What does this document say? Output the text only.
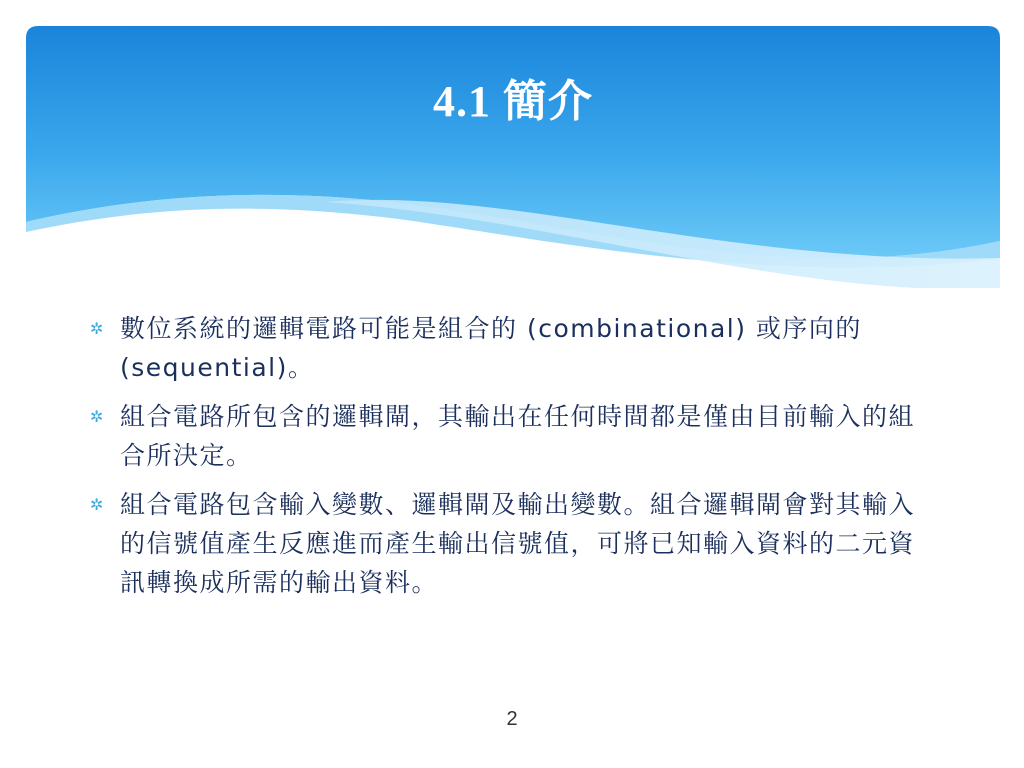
4.1 簡介
✲ 數位系統的邏輯電路可能是組合的 (combinational) 或序向的 (sequential)。
✲ 組合電路所包含的邏輯閘，其輸出在任何時間都是僅由目前輸入的組合所決定。
✲ 組合電路包含輸入變數、邏輯閘及輸出變數。組合邏輯閘會對其輸入的信號值產生反應進而產生輸出信號值，可將已知輸入資料的二元資訊轉換成所需的輸出資料。
2
